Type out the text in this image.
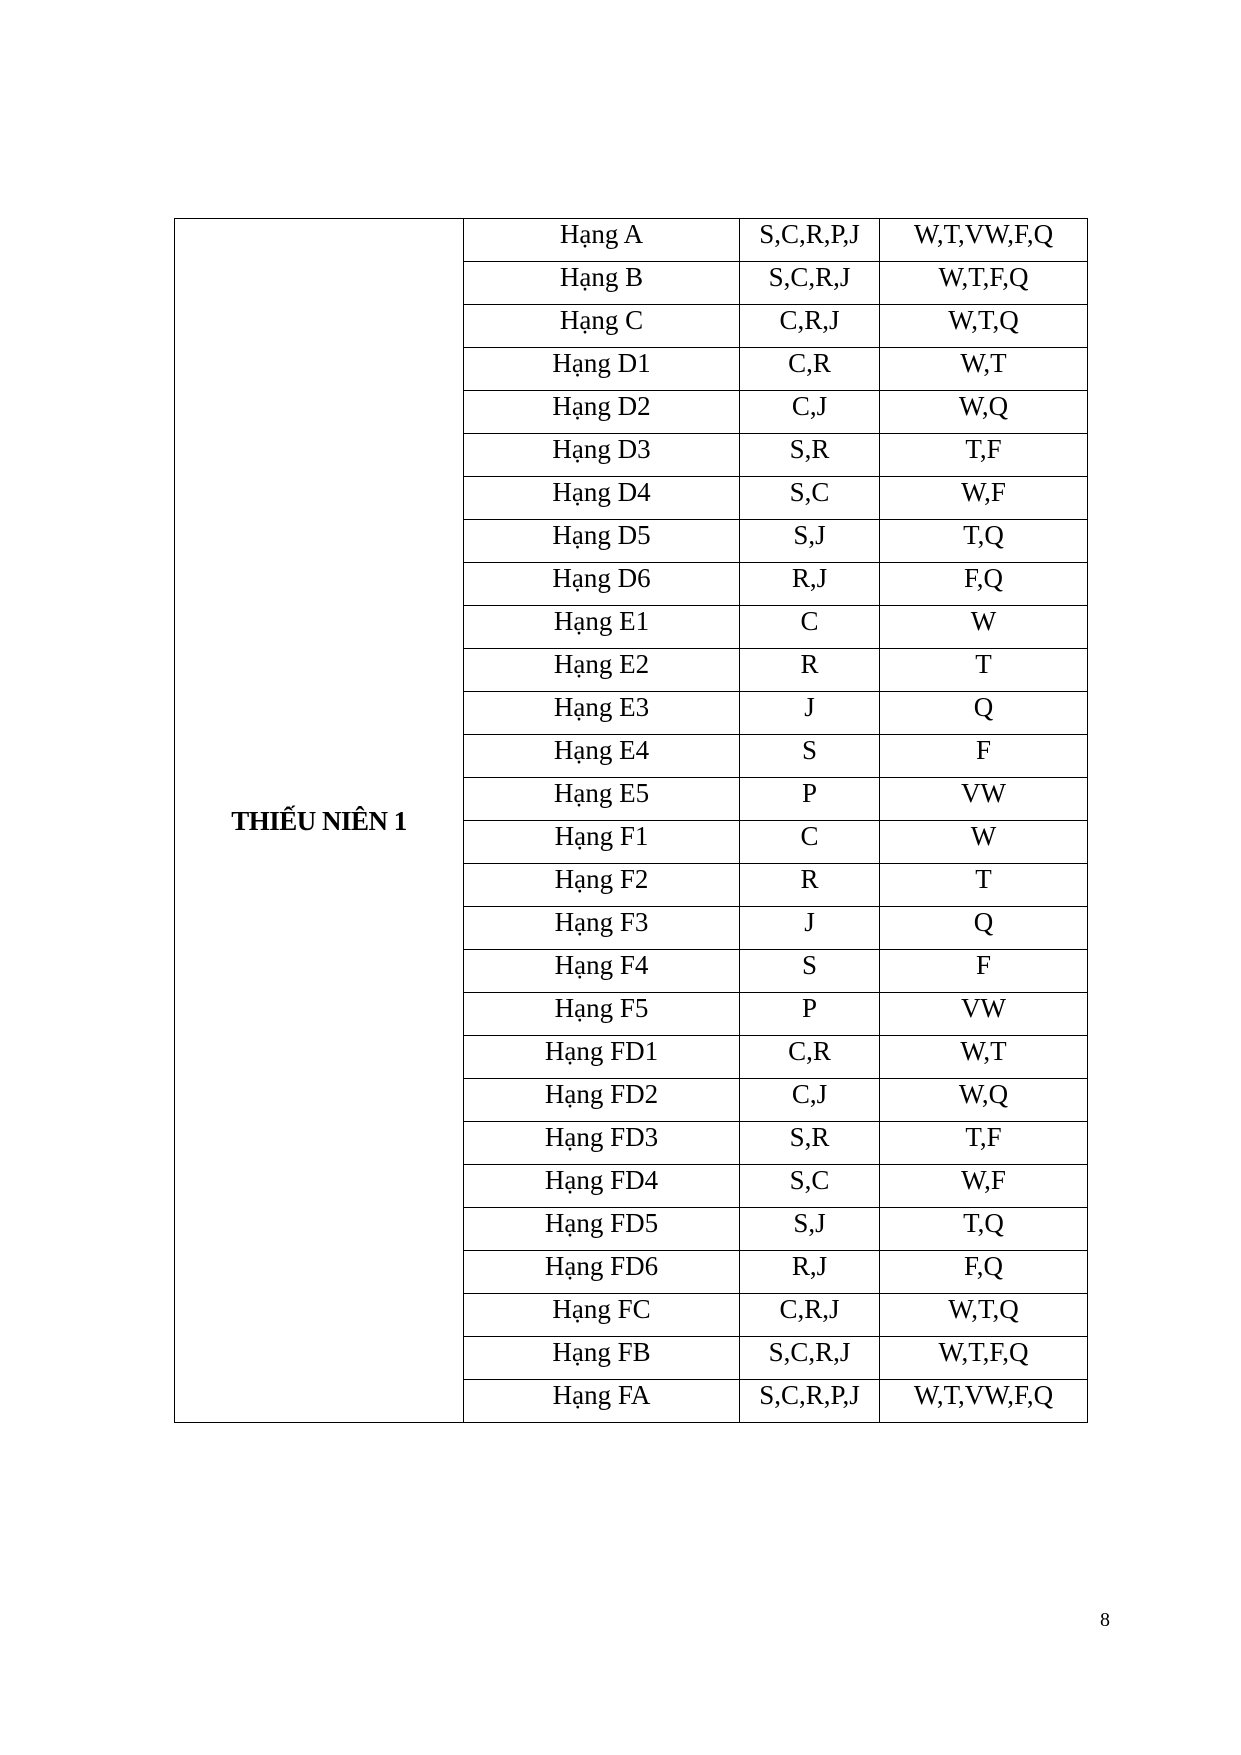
THIẾU NIÊN 1	Hạng A	S,C,R,P,J	W,T,VW,F,Q
	Hạng B	S,C,R,J	W,T,F,Q
	Hạng C	C,R,J	W,T,Q
	Hạng D1	C,R	W,T
	Hạng D2	C,J	W,Q
	Hạng D3	S,R	T,F
	Hạng D4	S,C	W,F
	Hạng D5	S,J	T,Q
	Hạng D6	R,J	F,Q
	Hạng E1	C	W
	Hạng E2	R	T
	Hạng E3	J	Q
	Hạng E4	S	F
	Hạng E5	P	VW
	Hạng F1	C	W
	Hạng F2	R	T
	Hạng F3	J	Q
	Hạng F4	S	F
	Hạng F5	P	VW
	Hạng FD1	C,R	W,T
	Hạng FD2	C,J	W,Q
	Hạng FD3	S,R	T,F
	Hạng FD4	S,C	W,F
	Hạng FD5	S,J	T,Q
	Hạng FD6	R,J	F,Q
	Hạng FC	C,R,J	W,T,Q
	Hạng FB	S,C,R,J	W,T,F,Q
	Hạng FA	S,C,R,P,J	W,T,VW,F,Q
8
